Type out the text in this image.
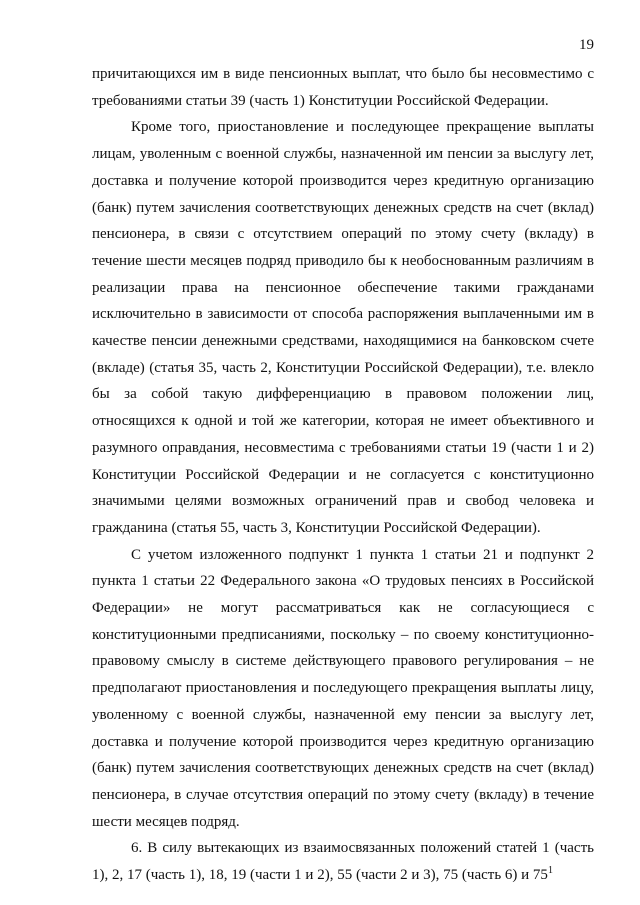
19

причитающихся им в виде пенсионных выплат, что было бы несовместимо с требованиями статьи 39 (часть 1) Конституции Российской Федерации.

Кроме того, приостановление и последующее прекращение выплаты лицам, уволенным с военной службы, назначенной им пенсии за выслугу лет, доставка и получение которой производится через кредитную организацию (банк) путем зачисления соответствующих денежных средств на счет (вклад) пенсионера, в связи с отсутствием операций по этому счету (вкладу) в течение шести месяцев подряд приводило бы к необоснованным различиям в реализации права на пенсионное обеспечение такими гражданами исключительно в зависимости от способа распоряжения выплаченными им в качестве пенсии денежными средствами, находящимися на банковском счете (вкладе) (статья 35, часть 2, Конституции Российской Федерации), т.е. влекло бы за собой такую дифференциацию в правовом положении лиц, относящихся к одной и той же категории, которая не имеет объективного и разумного оправдания, несовместима с требованиями статьи 19 (части 1 и 2) Конституции Российской Федерации и не согласуется с конституционно значимыми целями возможных ограничений прав и свобод человека и гражданина (статья 55, часть 3, Конституции Российской Федерации).

С учетом изложенного подпункт 1 пункта 1 статьи 21 и подпункт 2 пункта 1 статьи 22 Федерального закона «О трудовых пенсиях в Российской Федерации» не могут рассматриваться как не согласующиеся с конституционными предписаниями, поскольку – по своему конституционно-правовому смыслу в системе действующего правового регулирования – не предполагают приостановления и последующего прекращения выплаты лицу, уволенному с военной службы, назначенной ему пенсии за выслугу лет, доставка и получение которой производится через кредитную организацию (банк) путем зачисления соответствующих денежных средств на счет (вклад) пенсионера, в случае отсутствия операций по этому счету (вкладу) в течение шести месяцев подряд.

6. В силу вытекающих из взаимосвязанных положений статей 1 (часть 1), 2, 17 (часть 1), 18, 19 (части 1 и 2), 55 (части 2 и 3), 75 (часть 6) и $75^1$
